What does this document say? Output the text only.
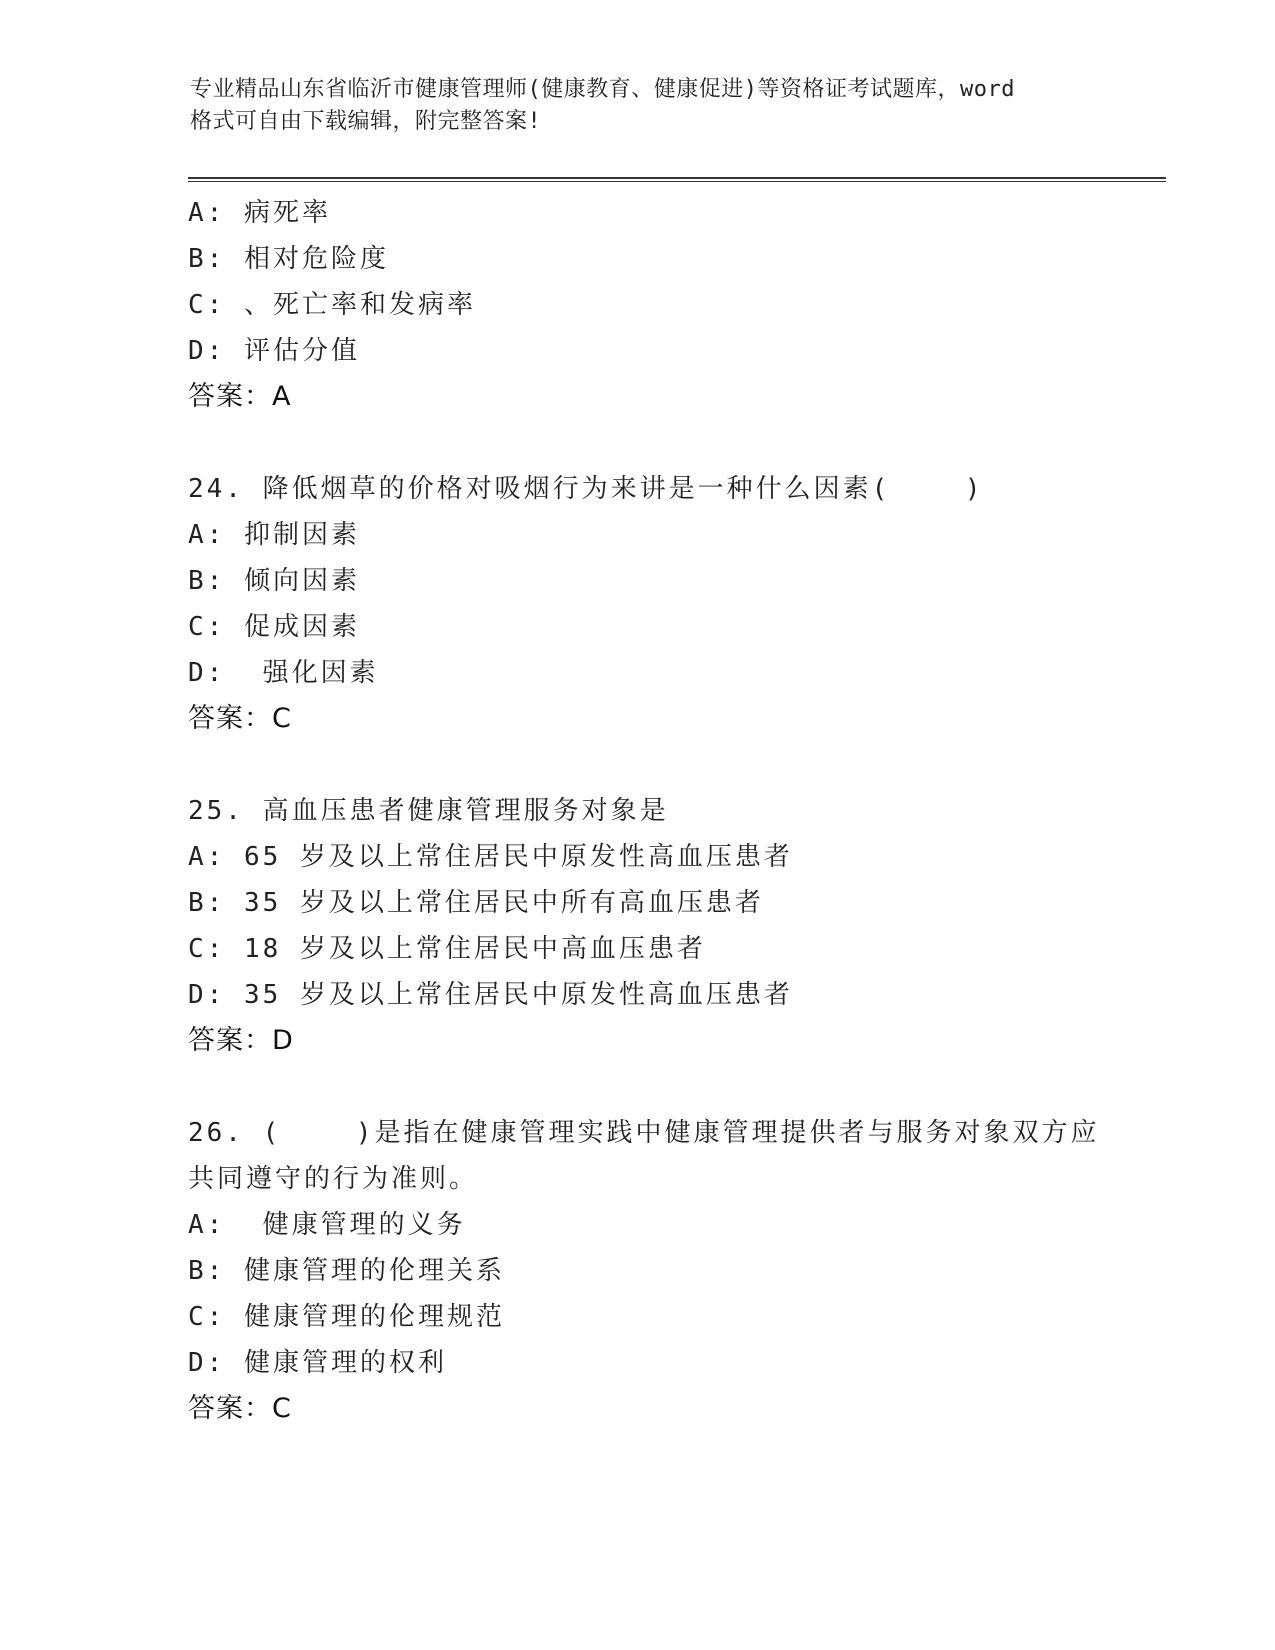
专业精品山东省临沂市健康管理师(健康教育、健康促进)等资格证考试题库，word
格式可自由下载编辑，附完整答案!
A: 病死率
B: 相对危险度
C: 、死亡率和发病率
D: 评估分值
答案：A
24. 降低烟草的价格对吸烟行为来讲是一种什么因素(    )
A: 抑制因素
B: 倾向因素
C: 促成因素
D:  强化因素
答案：C
25. 高血压患者健康管理服务对象是
A: 65 岁及以上常住居民中原发性高血压患者
B: 35 岁及以上常住居民中所有高血压患者
C: 18 岁及以上常住居民中高血压患者
D: 35 岁及以上常住居民中原发性高血压患者
答案：D
26. (    )是指在健康管理实践中健康管理提供者与服务对象双方应
共同遵守的行为准则。
A:  健康管理的义务
B: 健康管理的伦理关系
C: 健康管理的伦理规范
D: 健康管理的权利
答案：C
